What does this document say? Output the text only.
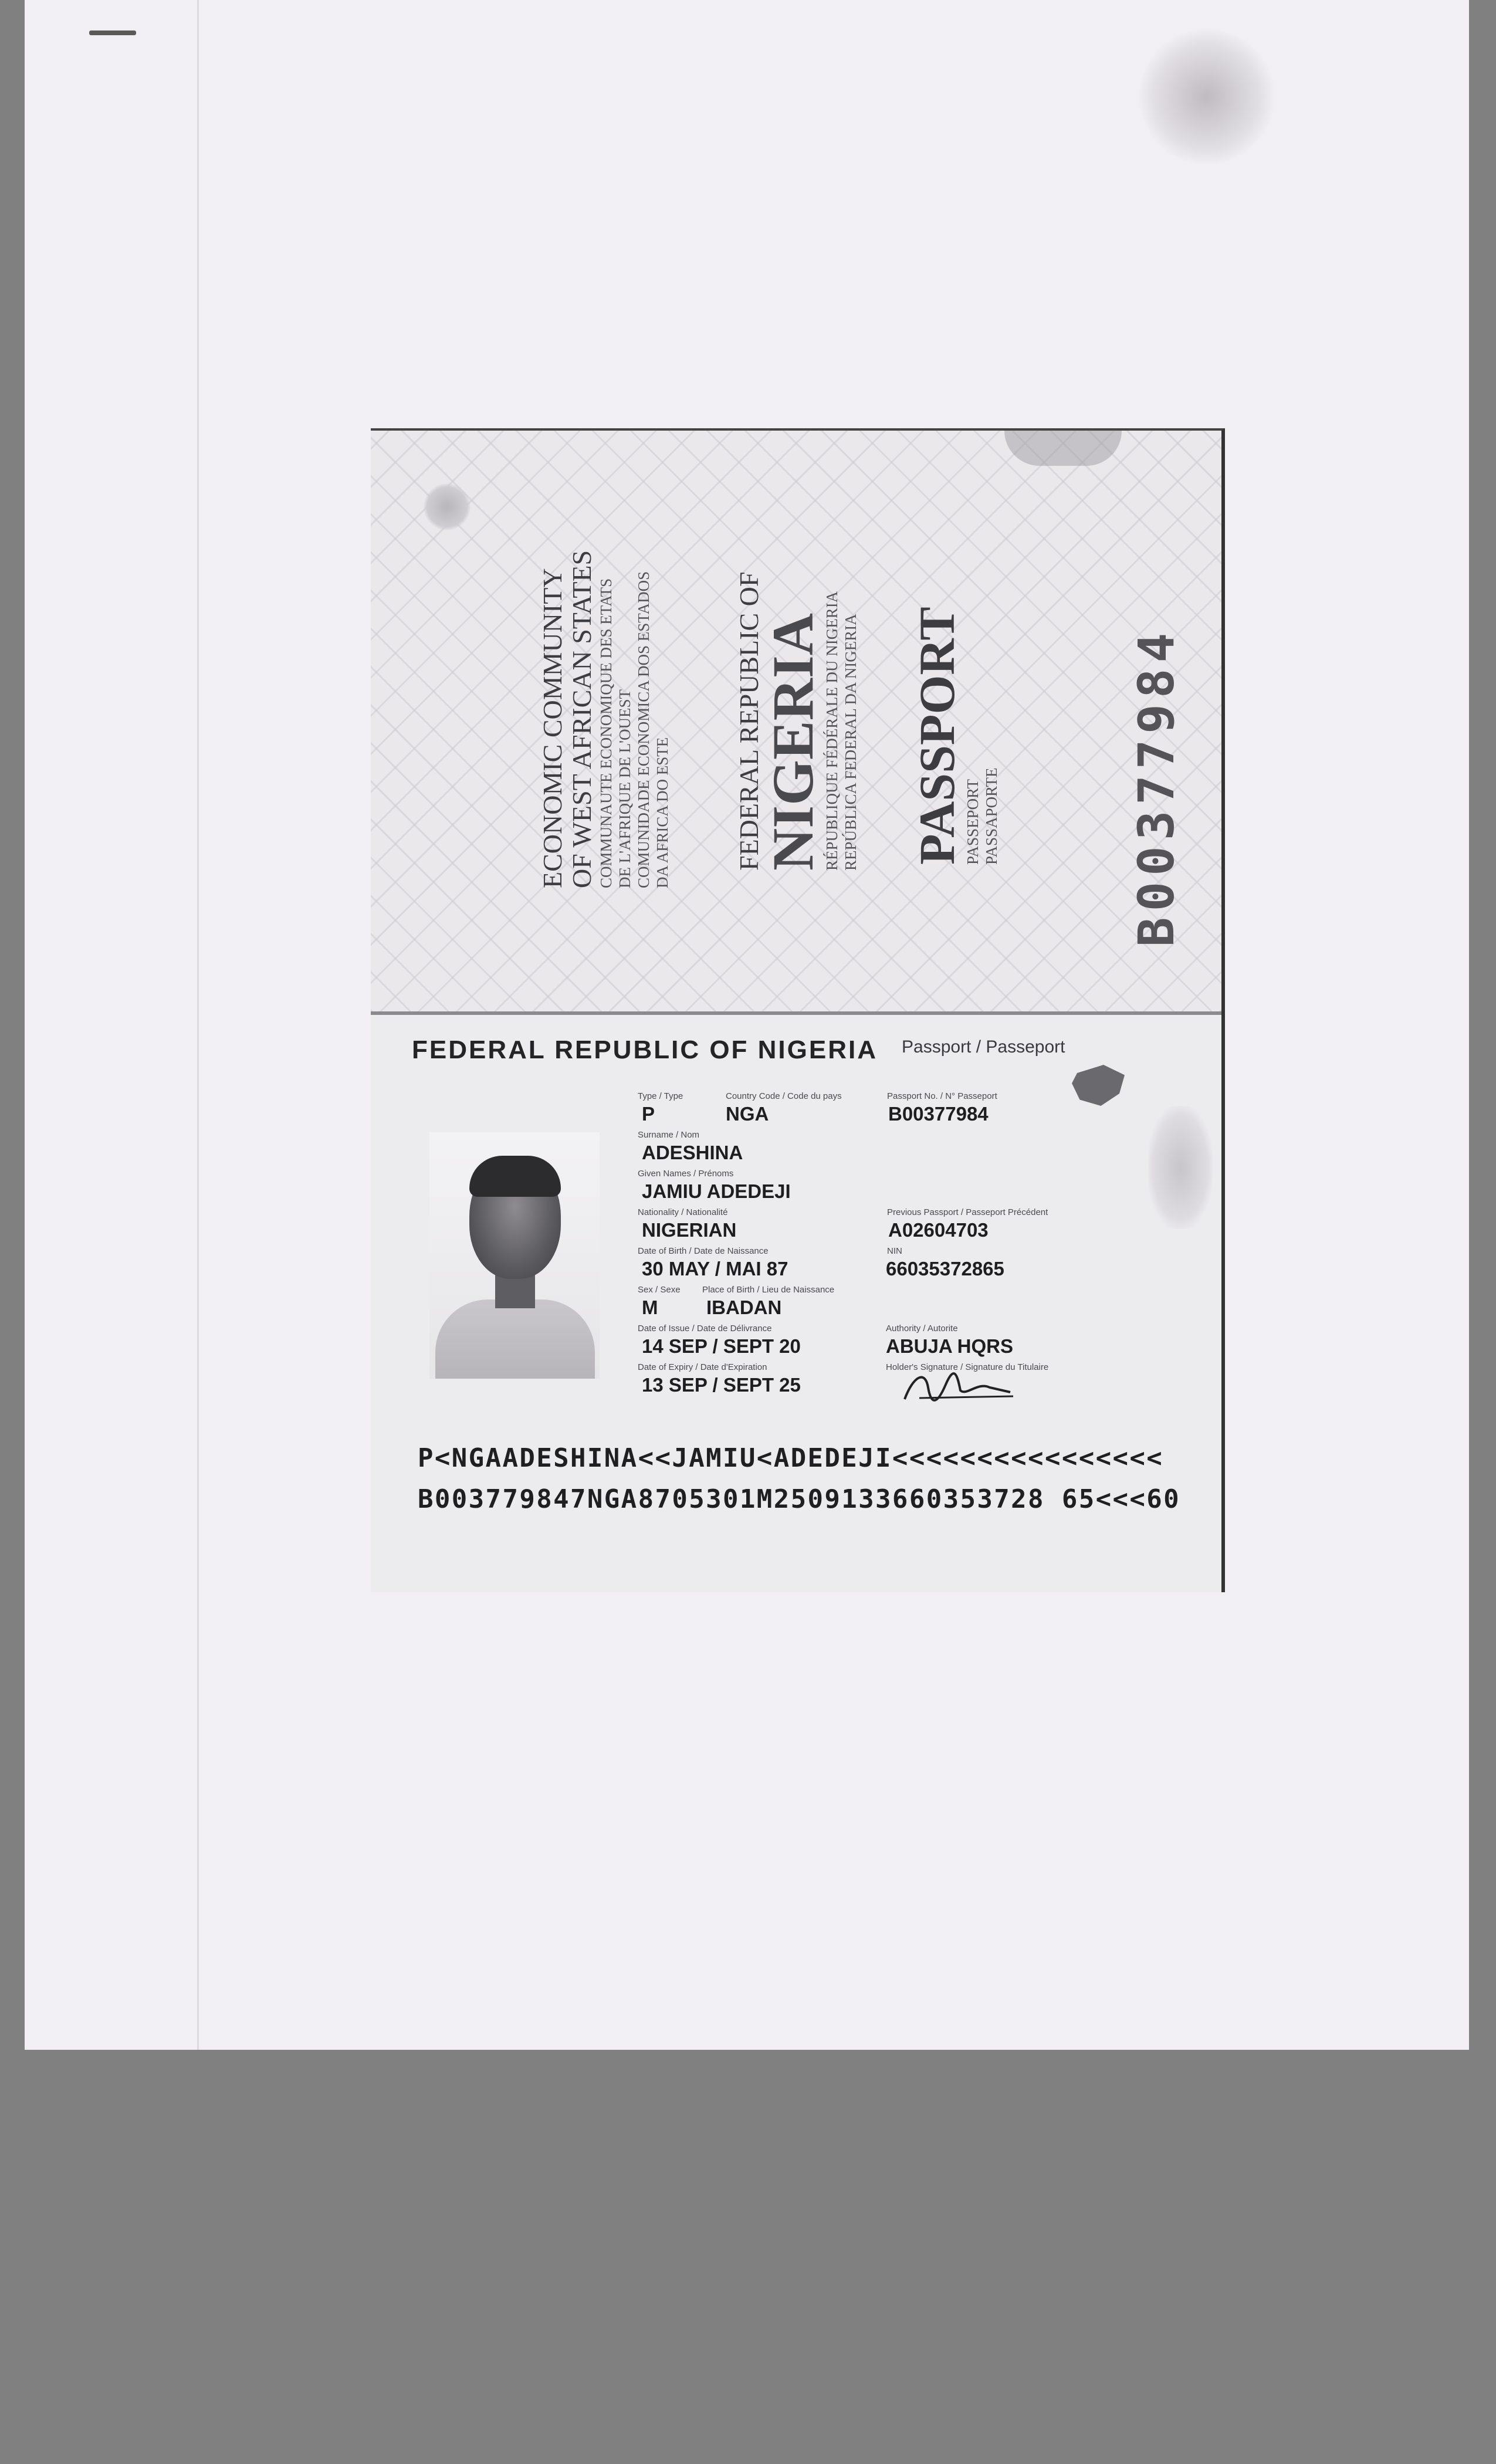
ECONOMIC COMMUNITY OF WEST AFRICAN STATES COMMUNAUTE ECONOMIQUE DES ETATS DE L'AFRIQUE DE L'OUEST COMUNIDADE ECONOMICA DOS ESTADOS DA AFRICA DO ESTE FEDERAL REPUBLIC OF
NIGERIA
RÉPUBLIQUE FÉDÉRALE DU NIGERIA REPÚBLICA FEDERAL DA NIGERIA PASSPORT
PASSEPORT PASSAPORTE	B00377984
FEDERAL REPUBLIC OF NIGERIA Passport / Passeport
Type / Type
P
Country Code / Code du pays
NGA
Passport No. / N° Passeport
B00377984
Surname / Nom
ADESHINA
Given Names / Prénoms
JAMIU ADEDEJI
Nationality / Nationalité
NIGERIAN
Previous Passport / Passeport Précédent
A02604703
Date of Birth / Date de Naissance
30 MAY / MAI 87
NIN
66035372865
Sex / Sexe
M
Place of Birth / Lieu de Naissance
IBADAN
Date of Issue / Date de Délivrance
14 SEP / SEPT 20
Authority / Autorite
ABUJA HQRS
Date of Expiry / Date d'Expiration
13 SEP / SEPT 25
Holder's Signature / Signature du Titulaire
P<NGAADESHINA<<JAMIU<ADEDEJI<<<<<<<<<<<<<<<<
B003779847NGA8705301M2509133660353728 65<<<60
